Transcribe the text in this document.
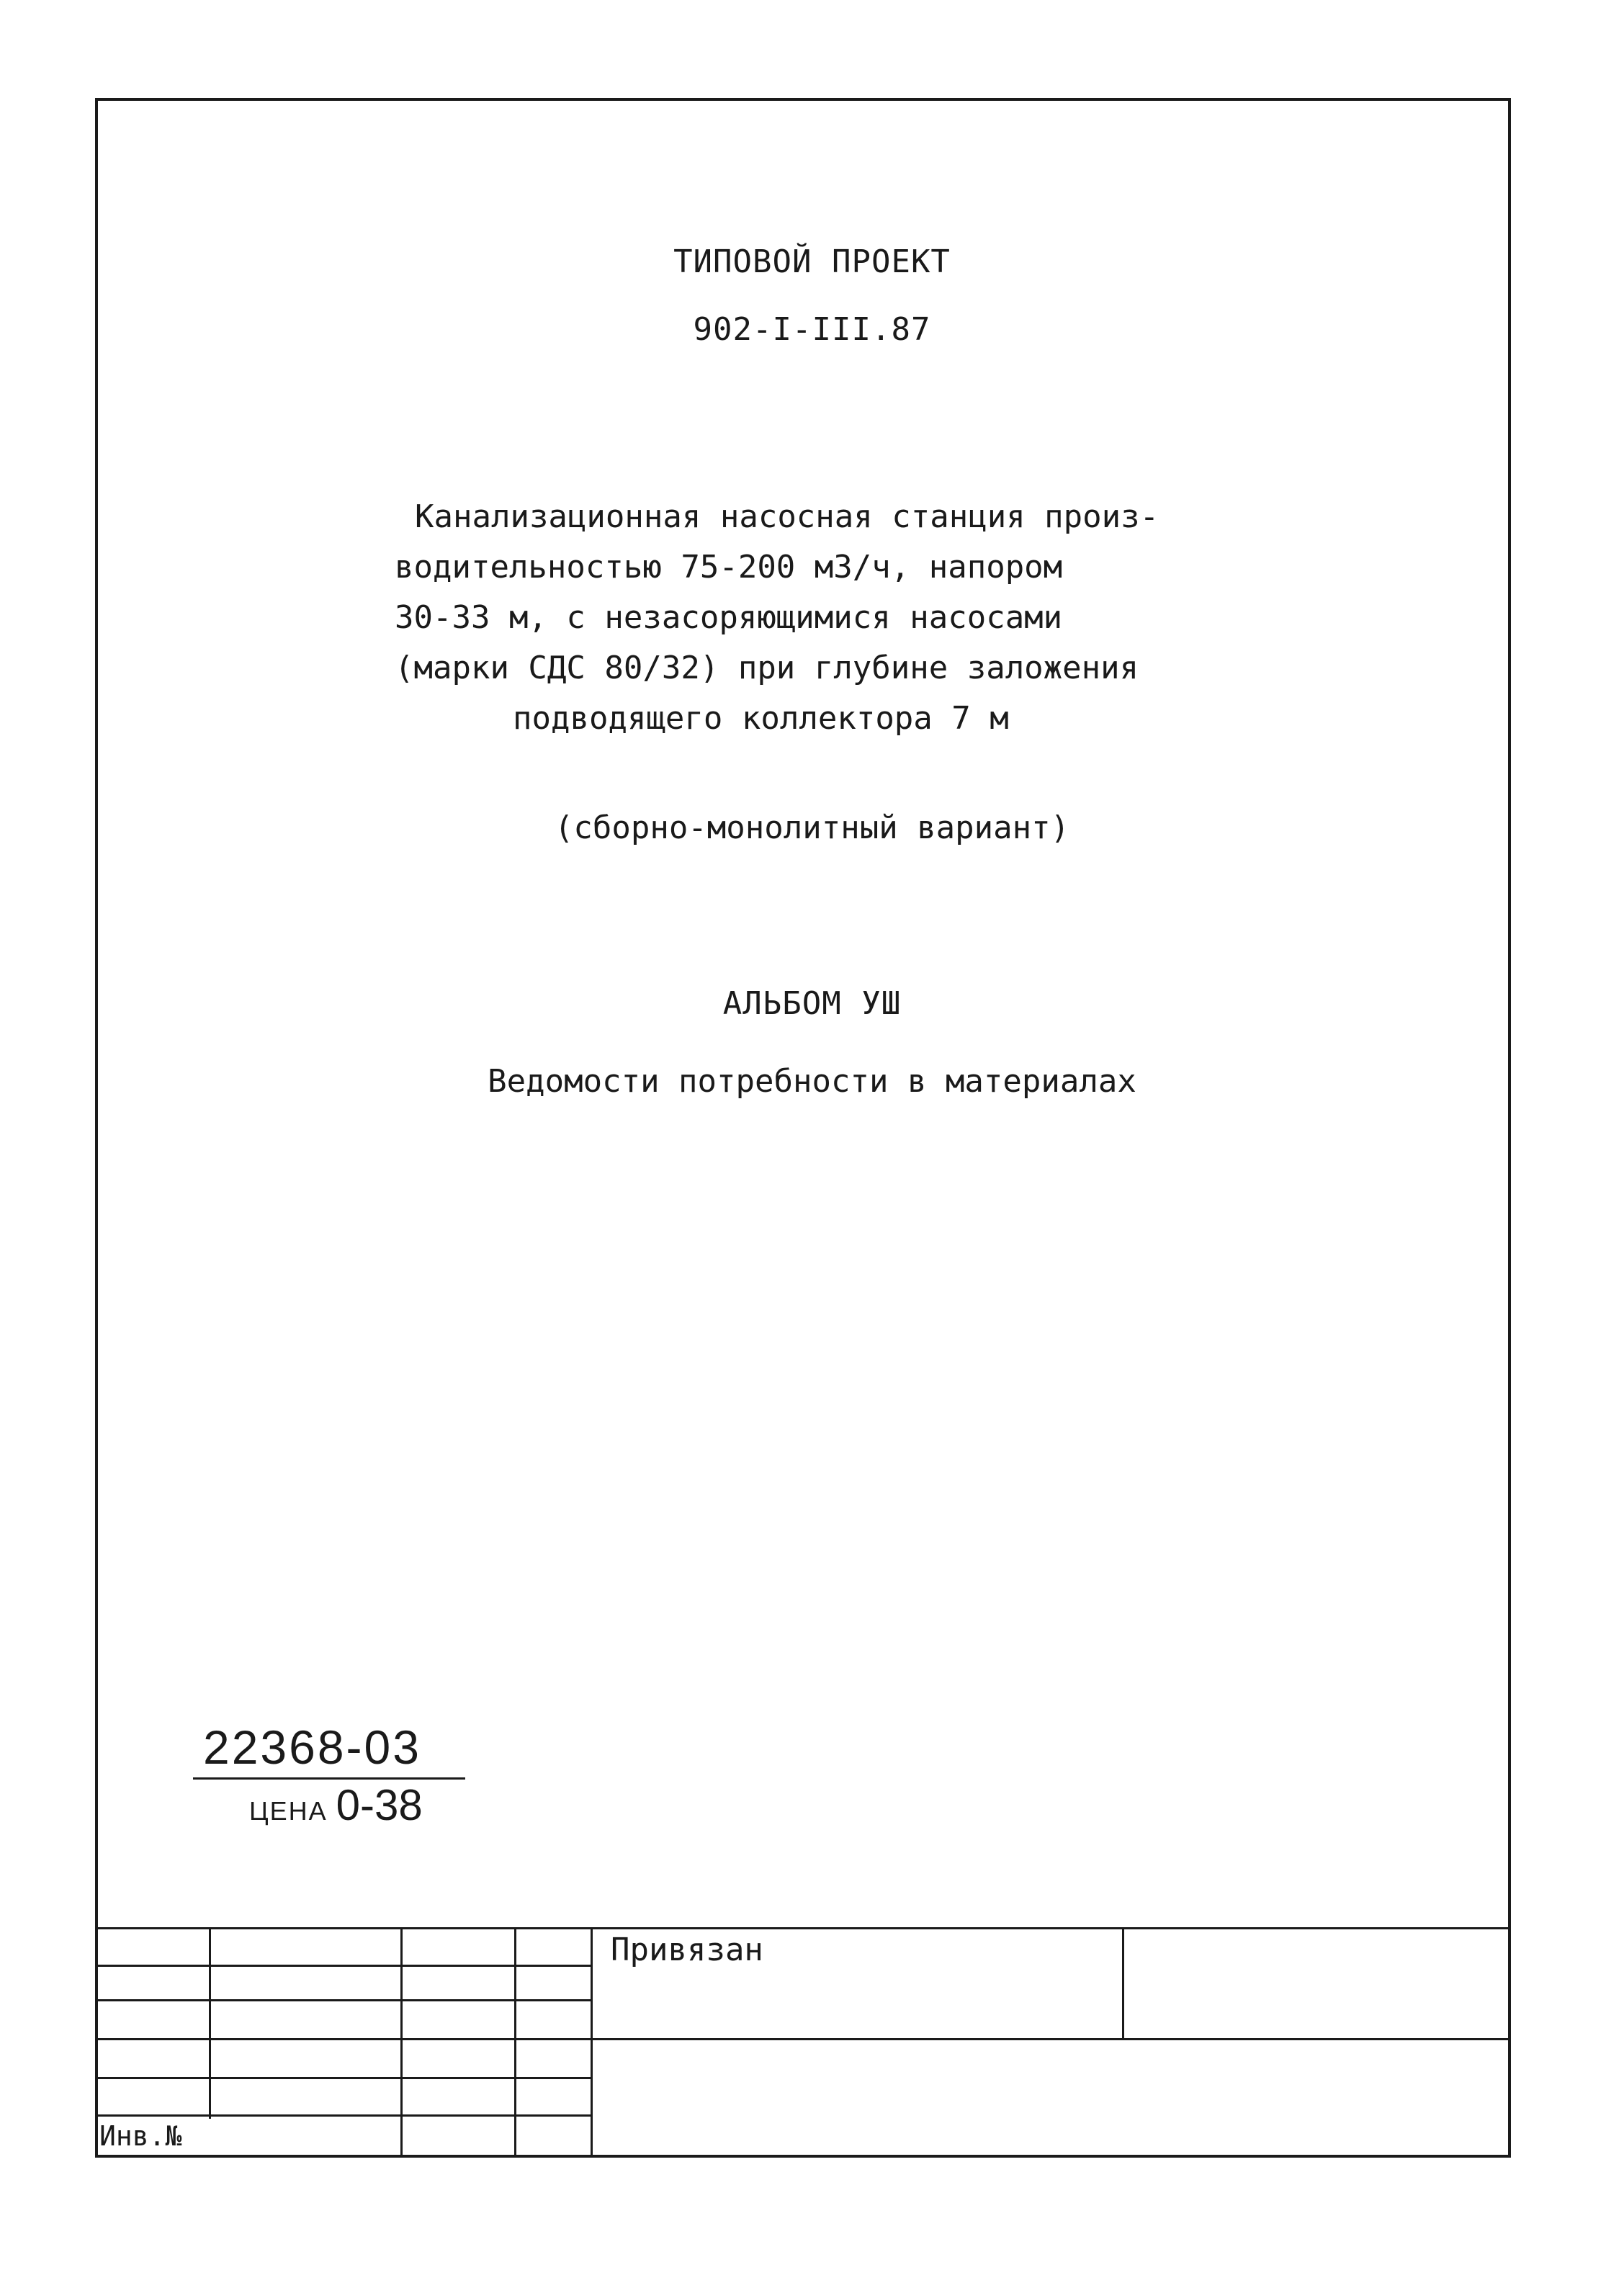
ТИПОВОЙ ПРОЕКТ
902-I-III.87
Канализационная насосная станция произ-
водительностью 75-200 м3/ч, напором
30-33 м, с незасоряющимися насосами
(марки СДС 80/32) при глубине заложения
подводящего коллектора 7 м
(сборно-монолитный вариант)
АЛЬБОМ УШ
Ведомости потребности в материалах
22368-03
ЦЕНА 0-38
Привязан
Инв.№
